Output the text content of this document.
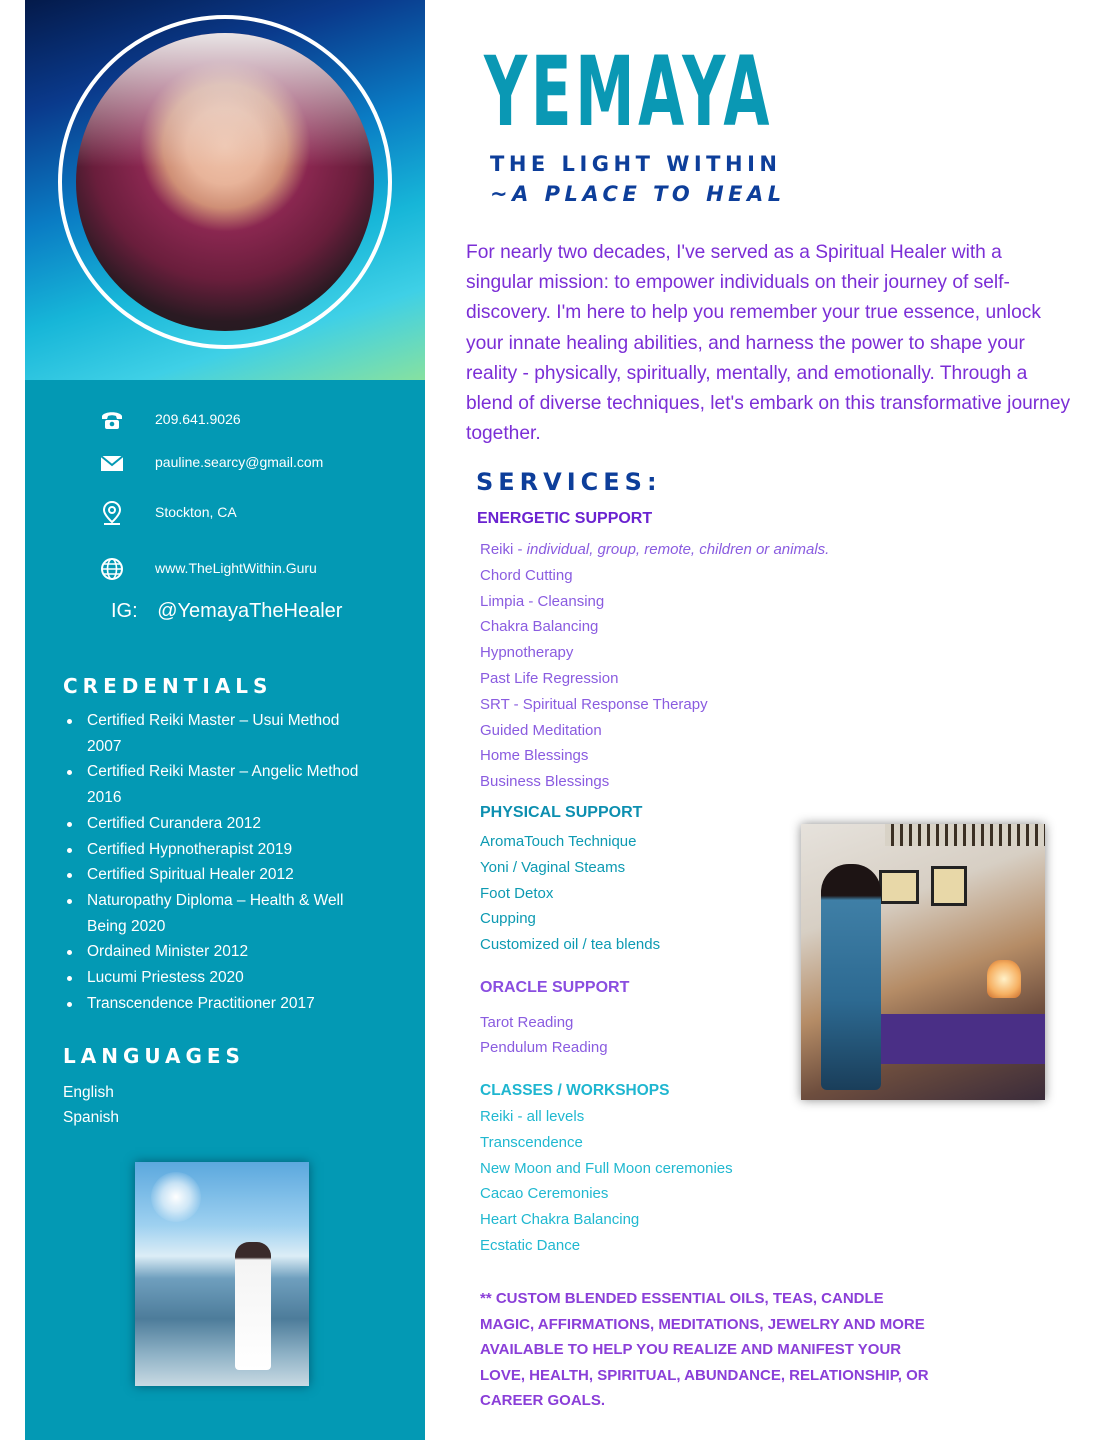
209.641.9026
pauline.searcy@gmail.com
Stockton, CA
www.TheLightWithin.Guru
IG: @YemayaTheHealer
CREDENTIALS
Certified Reiki Master – Usui Method 2007
Certified Reiki Master – Angelic Method 2016
Certified Curandera 2012
Certified Hypnotherapist 2019
Certified Spiritual Healer 2012
Naturopathy Diploma – Health & Well Being 2020
Ordained Minister 2012
Lucumi Priestess 2020
Transcendence Practitioner 2017
LANGUAGES
English
Spanish
YEMAYA
THE LIGHT WITHIN
~A PLACE TO HEAL

For nearly two decades, I've served as a Spiritual Healer with a singular mission: to empower individuals on their journey of self-discovery. I'm here to help you remember your true essence, unlock your innate healing abilities, and harness the power to shape your reality - physically, spiritually, mentally, and emotionally. Through a blend of diverse techniques, let's embark on this transformative journey together.

SERVICES:
ENERGETIC SUPPORT
Reiki - individual, group, remote, children or animals.
Chord Cutting
Limpia - Cleansing
Chakra Balancing
Hypnotherapy
Past Life Regression
SRT - Spiritual Response Therapy
Guided Meditation
Home Blessings
Business Blessings
PHYSICAL SUPPORT
AromaTouch Technique
Yoni / Vaginal Steams
Foot Detox
Cupping
Customized oil / tea blends
ORACLE SUPPORT
Tarot Reading
Pendulum Reading
CLASSES / WORKSHOPS
Reiki - all levels
Transcendence
New Moon and Full Moon ceremonies
Cacao Ceremonies
Heart Chakra Balancing
Ecstatic Dance

** CUSTOM BLENDED ESSENTIAL OILS, TEAS, CANDLE MAGIC, AFFIRMATIONS, MEDITATIONS, JEWELRY AND MORE AVAILABLE TO HELP YOU REALIZE AND MANIFEST YOUR LOVE, HEALTH, SPIRITUAL, ABUNDANCE, RELATIONSHIP, OR CAREER GOALS.
